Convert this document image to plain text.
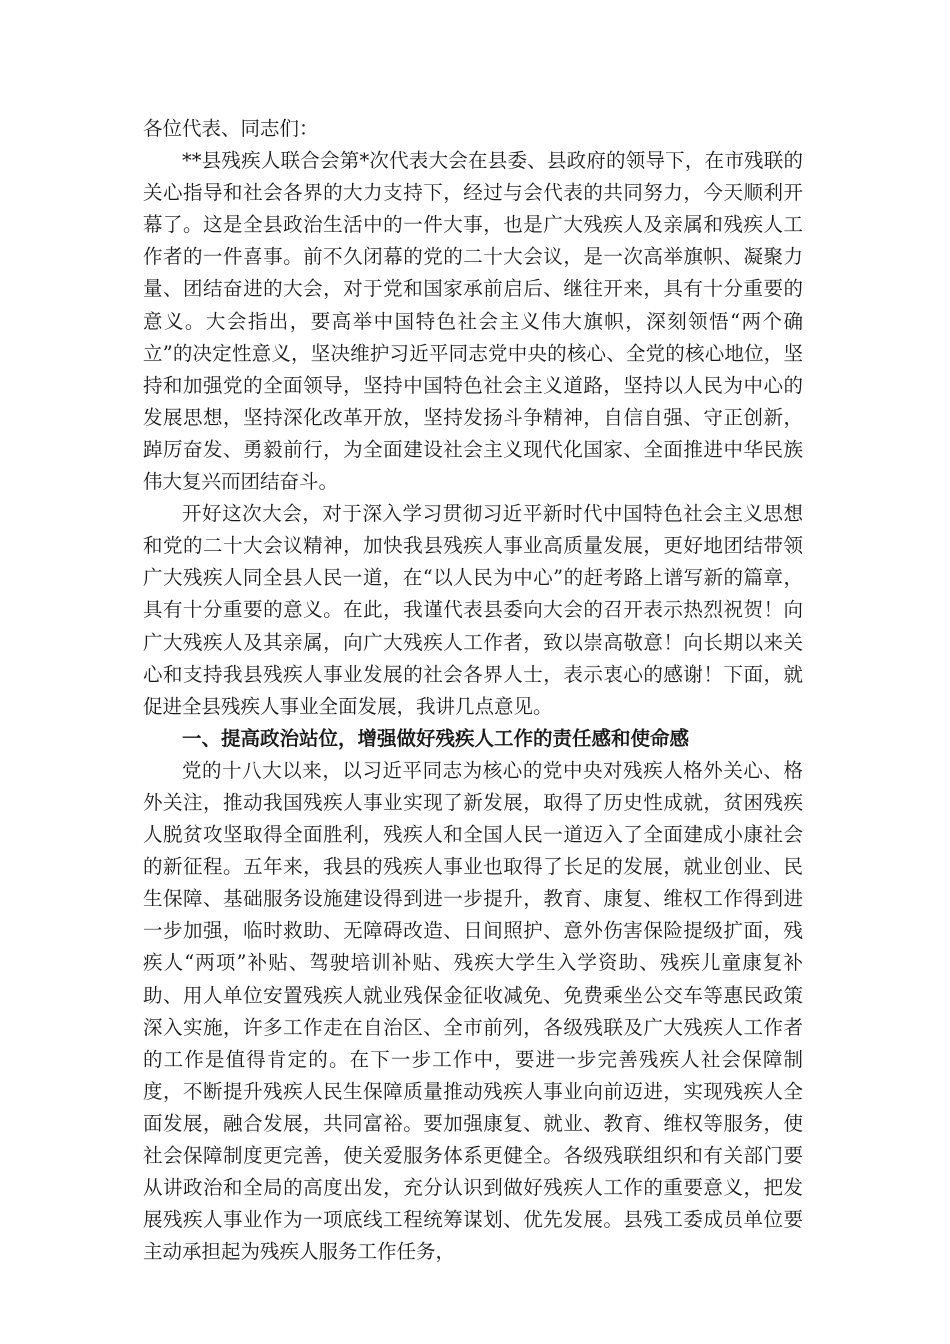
各位代表、同志们：

**县残疾人联合会第*次代表大会在县委、县政府的领导下，在市残联的关心指导和社会各界的大力支持下，经过与会代表的共同努力，今天顺利开幕了。这是全县政治生活中的一件大事，也是广大残疾人及亲属和残疾人工作者的一件喜事。前不久闭幕的党的二十大会议，是一次高举旗帜、凝聚力量、团结奋进的大会，对于党和国家承前启后、继往开来，具有十分重要的意义。大会指出，要高举中国特色社会主义伟大旗帜，深刻领悟“两个确立”的决定性意义，坚决维护习近平同志党中央的核心、全党的核心地位，坚持和加强党的全面领导，坚持中国特色社会主义道路，坚持以人民为中心的发展思想，坚持深化改革开放，坚持发扬斗争精神，自信自强、守正创新，踔厉奋发、勇毅前行，为全面建设社会主义现代化国家、全面推进中华民族伟大复兴而团结奋斗。

开好这次大会，对于深入学习贯彻习近平新时代中国特色社会主义思想和党的二十大会议精神，加快我县残疾人事业高质量发展，更好地团结带领广大残疾人同全县人民一道，在“以人民为中心”的赶考路上谱写新的篇章，具有十分重要的意义。在此，我谨代表县委向大会的召开表示热烈祝贺！向广大残疾人及其亲属，向广大残疾人工作者，致以崇高敬意！向长期以来关心和支持我县残疾人事业发展的社会各界人士，表示衷心的感谢！下面，就促进全县残疾人事业全面发展，我讲几点意见。

一、提高政治站位，增强做好残疾人工作的责任感和使命感

党的十八大以来，以习近平同志为核心的党中央对残疾人格外关心、格外关注，推动我国残疾人事业实现了新发展，取得了历史性成就，贫困残疾人脱贫攻坚取得全面胜利，残疾人和全国人民一道迈入了全面建成小康社会的新征程。五年来，我县的残疾人事业也取得了长足的发展，就业创业、民生保障、基础服务设施建设得到进一步提升，教育、康复、维权工作得到进一步加强，临时救助、无障碍改造、日间照护、意外伤害保险提级扩面，残疾人“两项”补贴、驾驶培训补贴、残疾大学生入学资助、残疾儿童康复补助、用人单位安置残疾人就业残保金征收减免、免费乘坐公交车等惠民政策深入实施，许多工作走在自治区、全市前列，各级残联及广大残疾人工作者的工作是值得肯定的。在下一步工作中，要进一步完善残疾人社会保障制度，不断提升残疾人民生保障质量推动残疾人事业向前迈进，实现残疾人全面发展，融合发展，共同富裕。要加强康复、就业、教育、维权等服务，使社会保障制度更完善，使关爱服务体系更健全。各级残联组织和有关部门要从讲政治和全局的高度出发，充分认识到做好残疾人工作的重要意义，把发展残疾人事业作为一项底线工程统筹谋划、优先发展。县残工委成员单位要主动承担起为残疾人服务工作任务，
